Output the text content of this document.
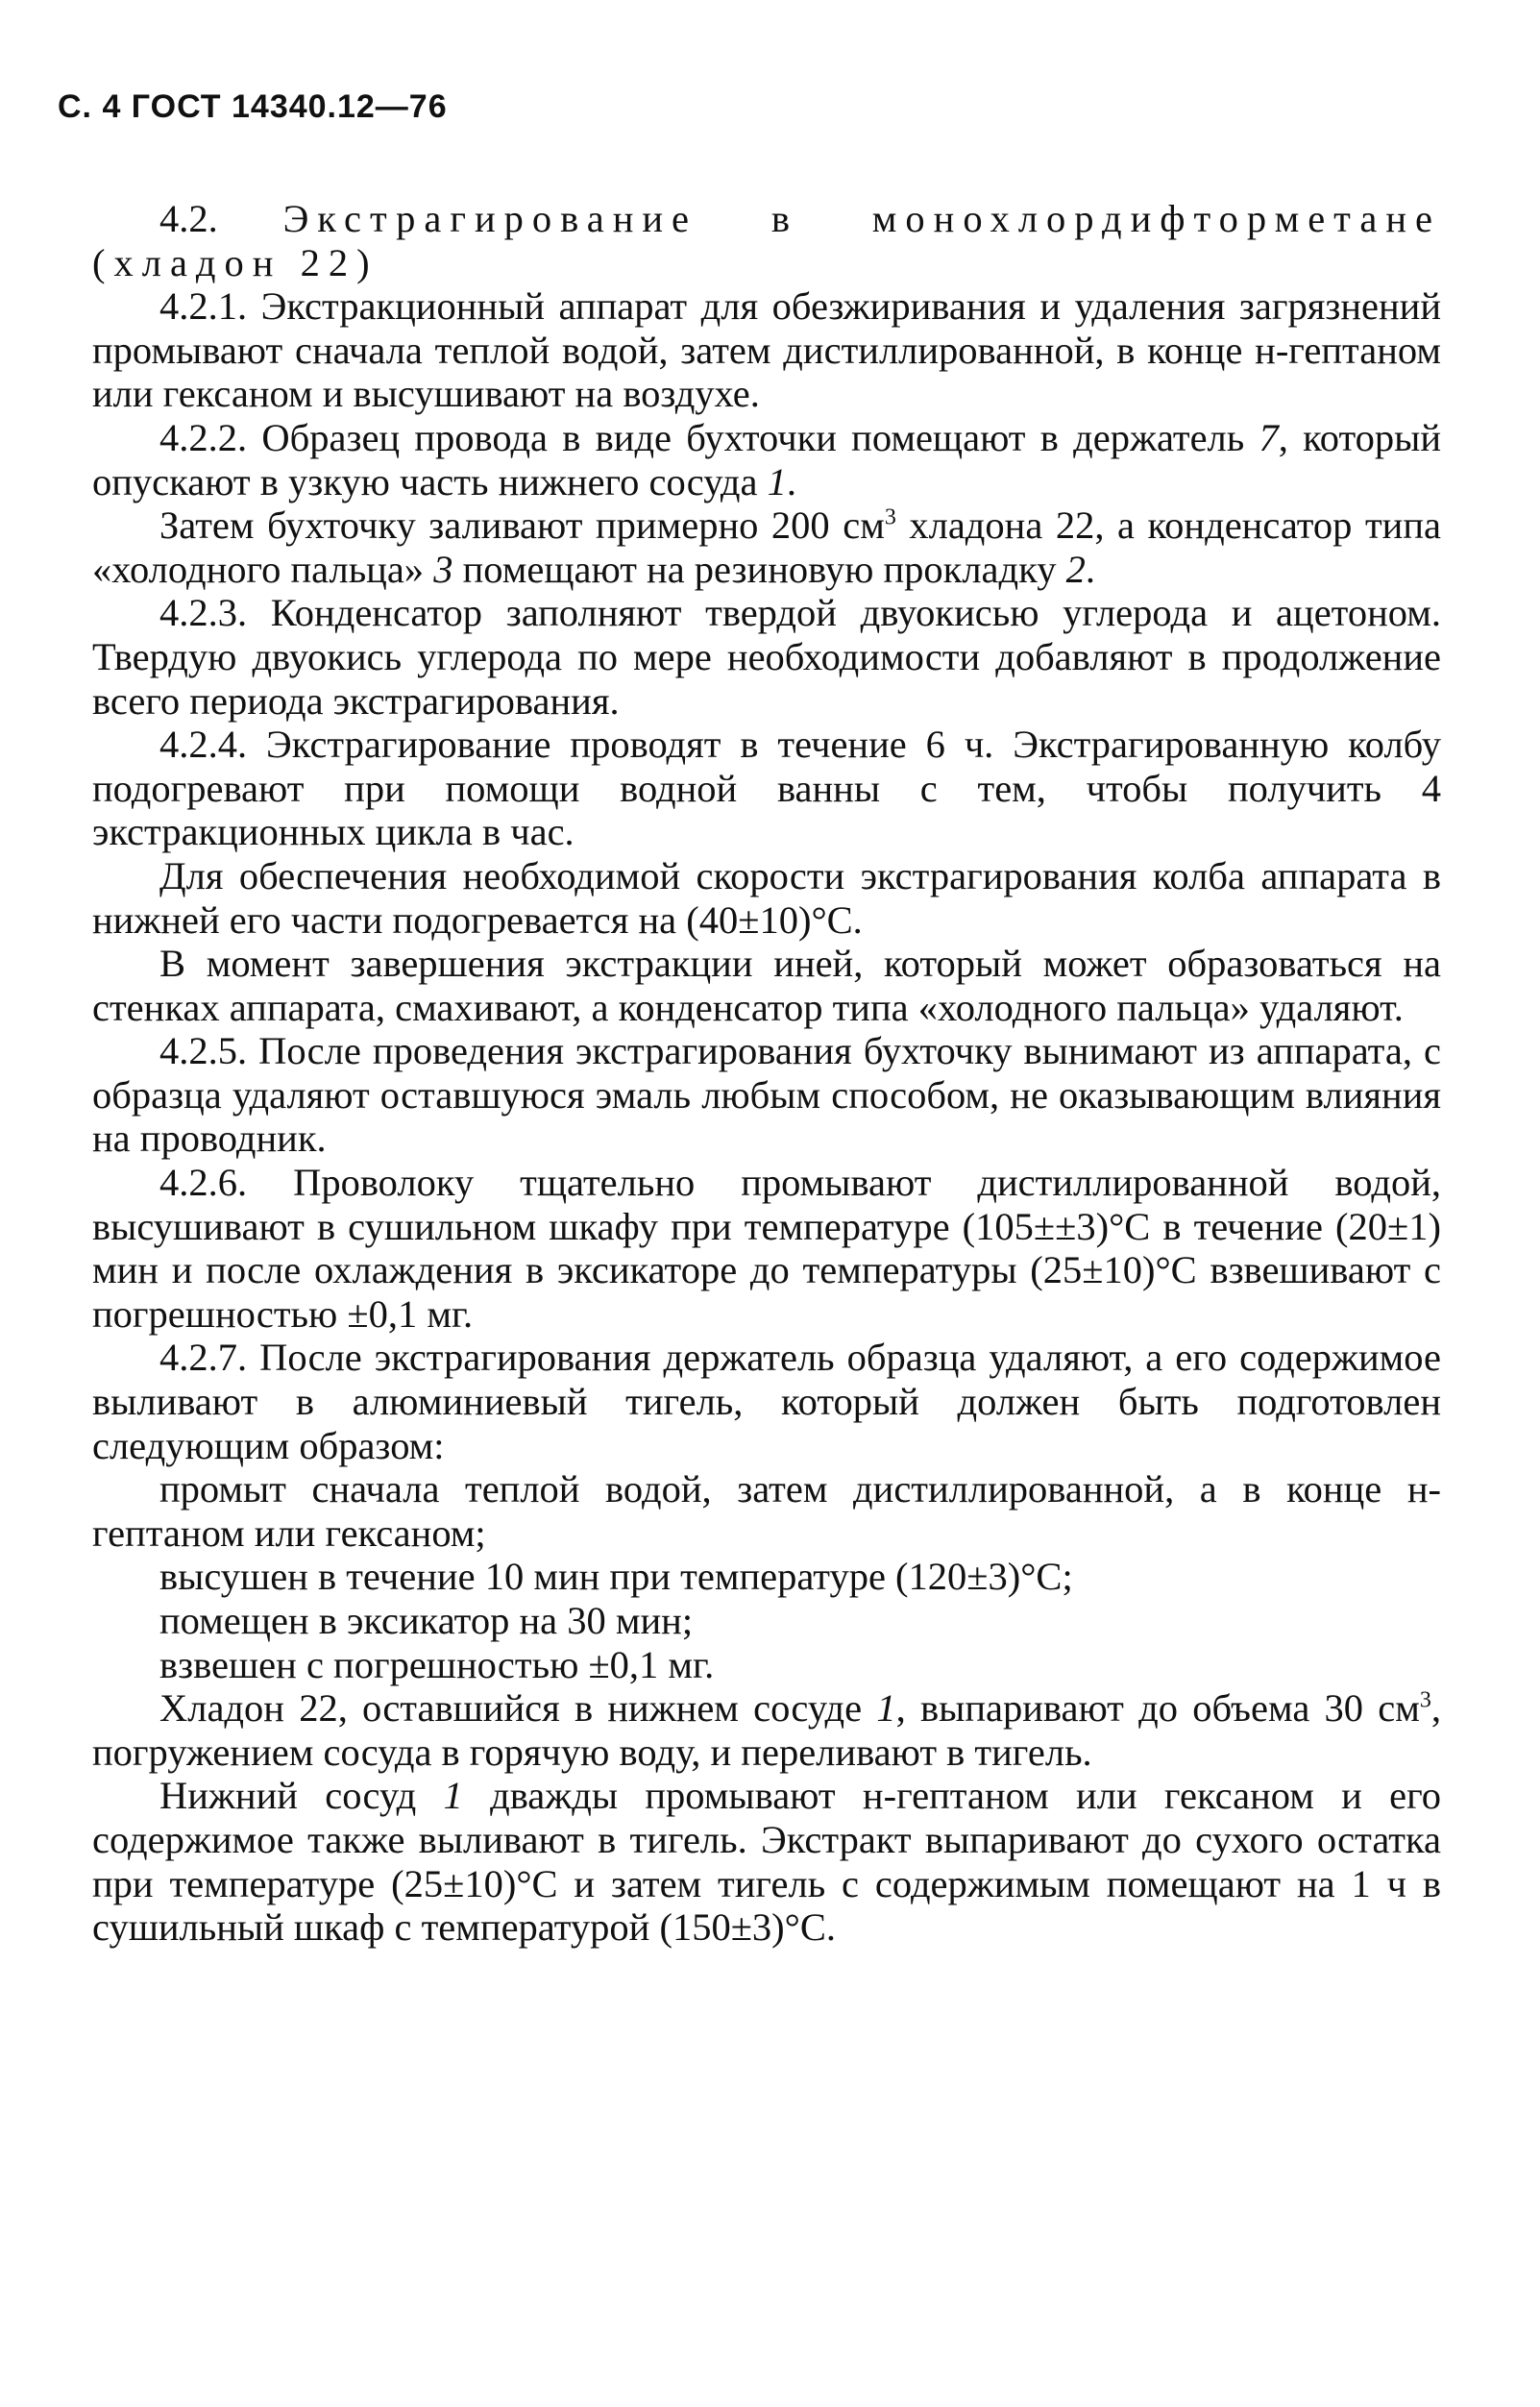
С. 4 ГОСТ 14340.12—76

4.2. Экстрагирование в монохлордифторметане (хладон 22)

4.2.1. Экстракционный аппарат для обезжиривания и удаления загрязнений промывают сначала теплой водой, затем дистиллированной, в конце н-гептаном или гексаном и высушивают на воздухе.

4.2.2. Образец провода в виде бухточки помещают в держатель 7, который опускают в узкую часть нижнего сосуда 1.

Затем бухточку заливают примерно 200 $см^3$ хладона 22, а конденсатор типа «холодного пальца» 3 помещают на резиновую прокладку 2.

4.2.3. Конденсатор заполняют твердой двуокисью углерода и ацетоном. Твердую двуокись углерода по мере необходимости добавляют в продолжение всего периода экстрагирования.

4.2.4. Экстрагирование проводят в течение 6 ч. Экстрагированную колбу подогревают при помощи водной ванны с тем, чтобы получить 4 экстракционных цикла в час.

Для обеспечения необходимой скорости экстрагирования колба аппарата в нижней его части подогревается на (40±10)°С.

В момент завершения экстракции иней, который может образоваться на стенках аппарата, смахивают, а конденсатор типа «холодного пальца» удаляют.

4.2.5. После проведения экстрагирования бухточку вынимают из аппарата, с образца удаляют оставшуюся эмаль любым способом, не оказывающим влияния на проводник.

4.2.6. Проволоку тщательно промывают дистиллированной водой, высушивают в сушильном шкафу при температуре (105±±3)°С в течение (20±1) мин и после охлаждения в эксикаторе до температуры (25±10)°С взвешивают с погрешностью ±0,1 мг.

4.2.7. После экстрагирования держатель образца удаляют, а его содержимое выливают в алюминиевый тигель, который должен быть подготовлен следующим образом:

промыт сначала теплой водой, затем дистиллированной, а в конце н-гептаном или гексаном;

высушен в течение 10 мин при температуре (120±3)°С;

помещен в эксикатор на 30 мин;

взвешен с погрешностью ±0,1 мг.

Хладон 22, оставшийся в нижнем сосуде 1, выпаривают до объема 30 $см^3$, погружением сосуда в горячую воду, и переливают в тигель.

Нижний сосуд 1 дважды промывают н-гептаном или гексаном и его содержимое также выливают в тигель. Экстракт выпаривают до сухого остатка при температуре (25±10)°С и затем тигель с содержимым помещают на 1 ч в сушильный шкаф с температурой (150±3)°С.
